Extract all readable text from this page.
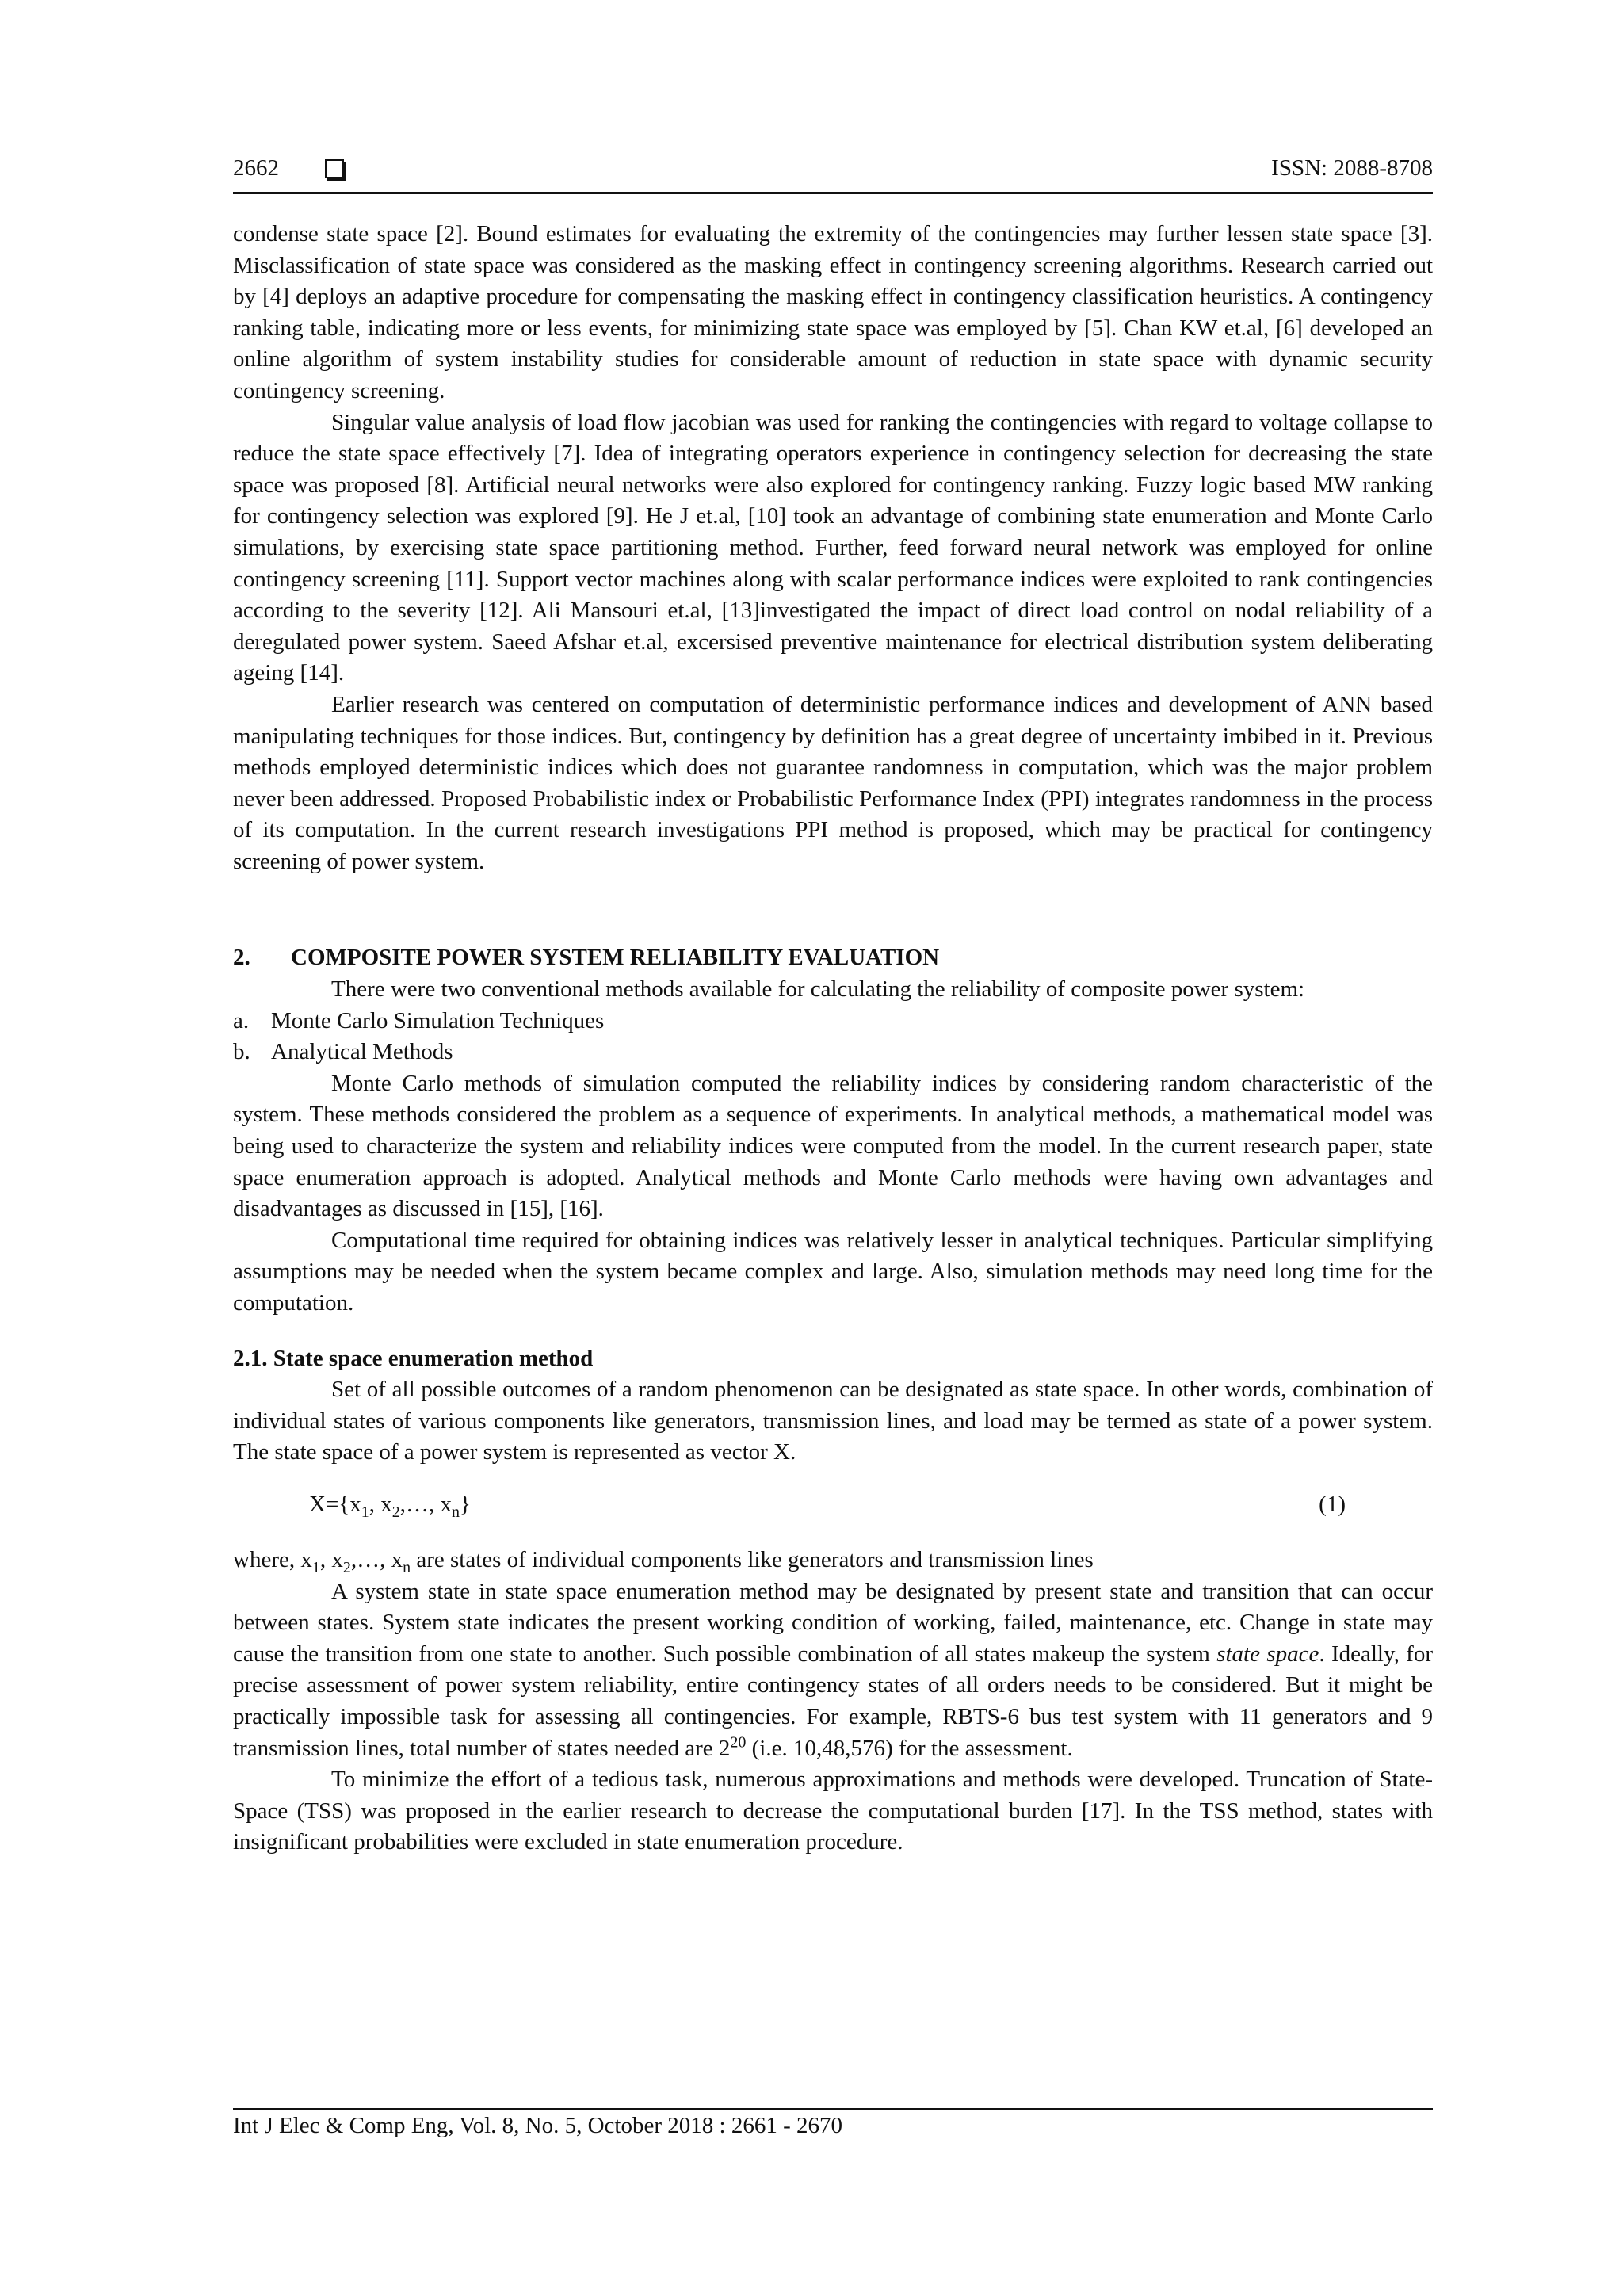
2662	ISSN: 2088-8708

condense state space [2]. Bound estimates for evaluating the extremity of the contingencies may further lessen state space [3]. Misclassification of state space was considered as the masking effect in contingency screening algorithms. Research carried out by [4] deploys an adaptive procedure for compensating the masking effect in contingency classification heuristics. A contingency ranking table, indicating more or less events, for minimizing state space was employed by [5]. Chan KW et.al, [6] developed an online algorithm of system instability studies for considerable amount of reduction in state space with dynamic security contingency screening.

Singular value analysis of load flow jacobian was used for ranking the contingencies with regard to voltage collapse to reduce the state space effectively [7]. Idea of integrating operators experience in contingency selection for decreasing the state space was proposed [8]. Artificial neural networks were also explored for contingency ranking. Fuzzy logic based MW ranking for contingency selection was explored [9]. He J et.al, [10] took an advantage of combining state enumeration and Monte Carlo simulations, by exercising state space partitioning method. Further, feed forward neural network was employed for online contingency screening [11]. Support vector machines along with scalar performance indices were exploited to rank contingencies according to the severity [12]. Ali Mansouri et.al, [13]investigated the impact of direct load control on nodal reliability of a deregulated power system. Saeed Afshar et.al, excersised preventive maintenance for electrical distribution system deliberating ageing [14].

Earlier research was centered on computation of deterministic performance indices and development of ANN based manipulating techniques for those indices. But, contingency by definition has a great degree of uncertainty imbibed in it. Previous methods employed deterministic indices which does not guarantee randomness in computation, which was the major problem never been addressed. Proposed Probabilistic index or Probabilistic Performance Index (PPI) integrates randomness in the process of its computation. In the current research investigations PPI method is proposed, which may be practical for contingency screening of power system.

2. COMPOSITE POWER SYSTEM RELIABILITY EVALUATION

There were two conventional methods available for calculating the reliability of composite power system:

a. Monte Carlo Simulation Techniques

b. Analytical Methods

Monte Carlo methods of simulation computed the reliability indices by considering random characteristic of the system. These methods considered the problem as a sequence of experiments. In analytical methods, a mathematical model was being used to characterize the system and reliability indices were computed from the model. In the current research paper, state space enumeration approach is adopted. Analytical methods and Monte Carlo methods were having own advantages and disadvantages as discussed in [15], [16].

Computational time required for obtaining indices was relatively lesser in analytical techniques. Particular simplifying assumptions may be needed when the system became complex and large. Also, simulation methods may need long time for the computation.

2.1. State space enumeration method

Set of all possible outcomes of a random phenomenon can be designated as state space. In other words, combination of individual states of various components like generators, transmission lines, and load may be termed as state of a power system. The state space of a power system is represented as vector X.

$X=\{x_1$, $x_2,\dots$, $x_n$}	(1)

where, $x_1$, $x_2,\dots$, $x_n$ are states of individual components like generators and transmission lines

A system state in state space enumeration method may be designated by present state and transition that can occur between states. System state indicates the present working condition of working, failed, maintenance, etc. Change in state may cause the transition from one state to another. Such possible combination of all states makeup the system state space. Ideally, for precise assessment of power system reliability, entire contingency states of all orders needs to be considered. But it might be practically impossible task for assessing all contingencies. For example, RBTS-6 bus test system with 11 generators and 9 transmission lines, total number of states needed are $2^{20}$ (i.e. 10,48,576) for the assessment.

To minimize the effort of a tedious task, numerous approximations and methods were developed. Truncation of State-Space (TSS) was proposed in the earlier research to decrease the computational burden [17]. In the TSS method, states with insignificant probabilities were excluded in state enumeration procedure.

Int J Elec & Comp Eng, Vol. 8, No. 5, October 2018 : 2661 - 2670
